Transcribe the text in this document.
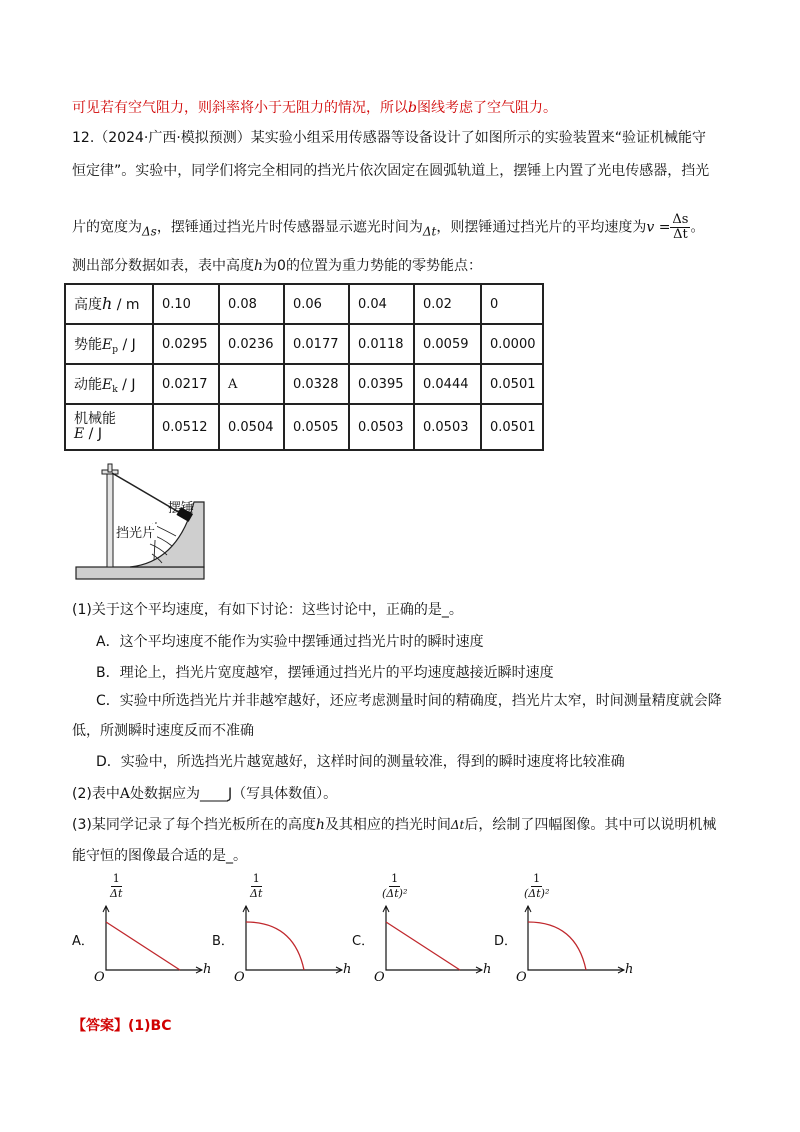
可见若有空气阻力，则斜率将小于无阻力的情况，所以b图线考虑了空气阻力。
12.（2024·广西·模拟预测）某实验小组采用传感器等设备设计了如图所示的实验装置来“验证机械能守
恒定律”。实验中，同学们将完全相同的挡光片依次固定在圆弧轨道上，摆锤上内置了光电传感器，挡光
片的宽度为Δs，摆锤通过挡光片时传感器显示遮光时间为Δt，则摆锤通过挡光片的平均速度为$v = \frac{\Delta s}{\Delta t}$ 。
测出部分数据如表，表中高度h为0的位置为重力势能的零势能点：
高度h / m	0.10	0.08	0.06	0.04	0.02	0
势能$E_p$ / J	0.0295	0.0236	0.0177	0.0118	0.0059	0.0000
动能$E_k$ / J	0.0217	A	0.0328	0.0395	0.0444	0.0501
机械能
E / J	0.0512	0.0504	0.0505	0.0503	0.0503	0.0501
摆锤
挡光片
(1)关于这个平均速度，有如下讨论：这些讨论中，正确的是_。
A．这个平均速度不能作为实验中摆锤通过挡光片时的瞬时速度
B．理论上，挡光片宽度越窄，摆锤通过挡光片的平均速度越接近瞬时速度
C．实验中所选挡光片并非越窄越好，还应考虑测量时间的精确度，挡光片太窄，时间测量精度就会降
低，所测瞬时速度反而不准确
D．实验中，所选挡光片越宽越好，这样时间的测量较准，得到的瞬时速度将比较准确
(2)表中A处数据应为____J（写具体数值）。
(3)某同学记录了每个挡光板所在的高度h及其相应的挡光时间Δt后，绘制了四幅图像。其中可以说明机械
能守恒的图像最合适的是_。
A．
$\frac{1}{\Delta t}$
O
h
B．
$\frac{1}{\Delta t}$
O
h
C．
$\frac{1}{\text{(Δt)²}}$
O
h
D．
$\frac{1}{\text{(Δt)²}}$
O
h
【答案】(1)BC
